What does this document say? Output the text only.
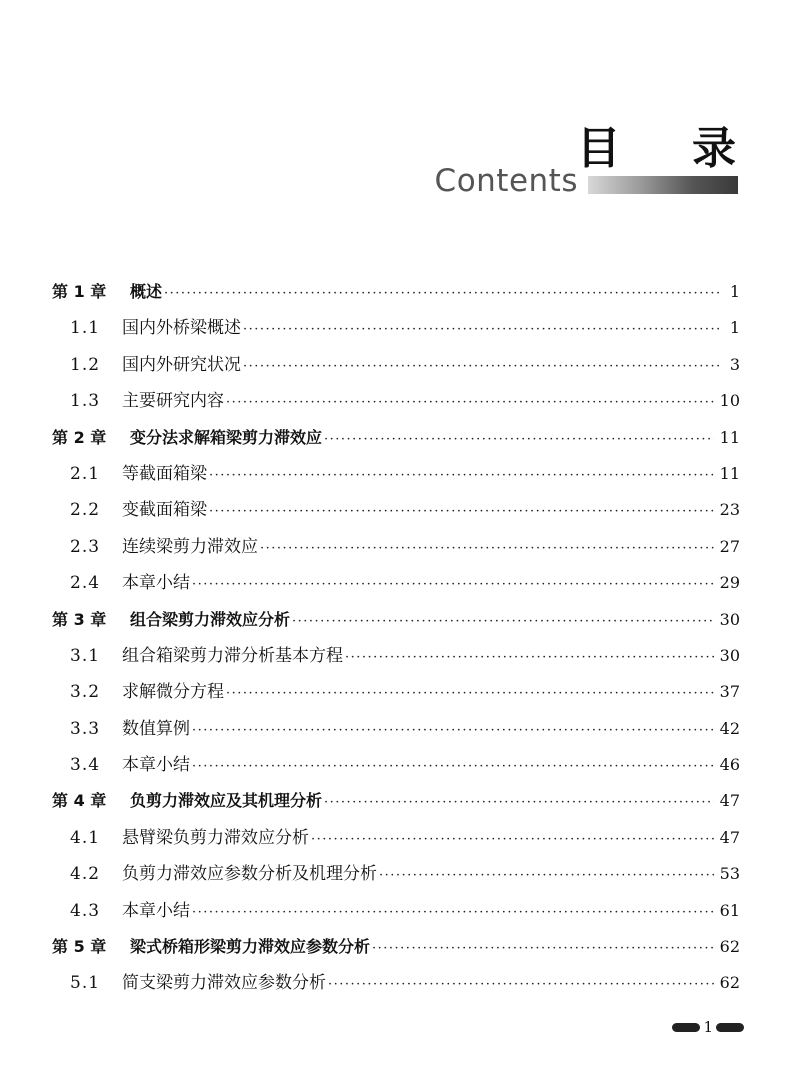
目 录
Contents
第 1 章	概述 ·····	1
1.1	国内外桥梁概述 ·····	1
1.2	国内外研究状况 ·····	3
1.3	主要研究内容 ·····	10
第 2 章	变分法求解箱梁剪力滞效应 ·····	11
2.1	等截面箱梁 ·····	11
2.2	变截面箱梁 ·····	23
2.3	连续梁剪力滞效应 ·····	27
2.4	本章小结 ·····	29
第 3 章	组合梁剪力滞效应分析 ·····	30
3.1	组合箱梁剪力滞分析基本方程 ·····	30
3.2	求解微分方程 ·····	37
3.3	数值算例 ·····	42
3.4	本章小结 ·····	46
第 4 章	负剪力滞效应及其机理分析 ·····	47
4.1	悬臂梁负剪力滞效应分析 ·····	47
4.2	负剪力滞效应参数分析及机理分析 ·····	53
4.3	本章小结 ·····	61
第 5 章	梁式桥箱形梁剪力滞效应参数分析 ·····	62
5.1	简支梁剪力滞效应参数分析 ·····	62
1
